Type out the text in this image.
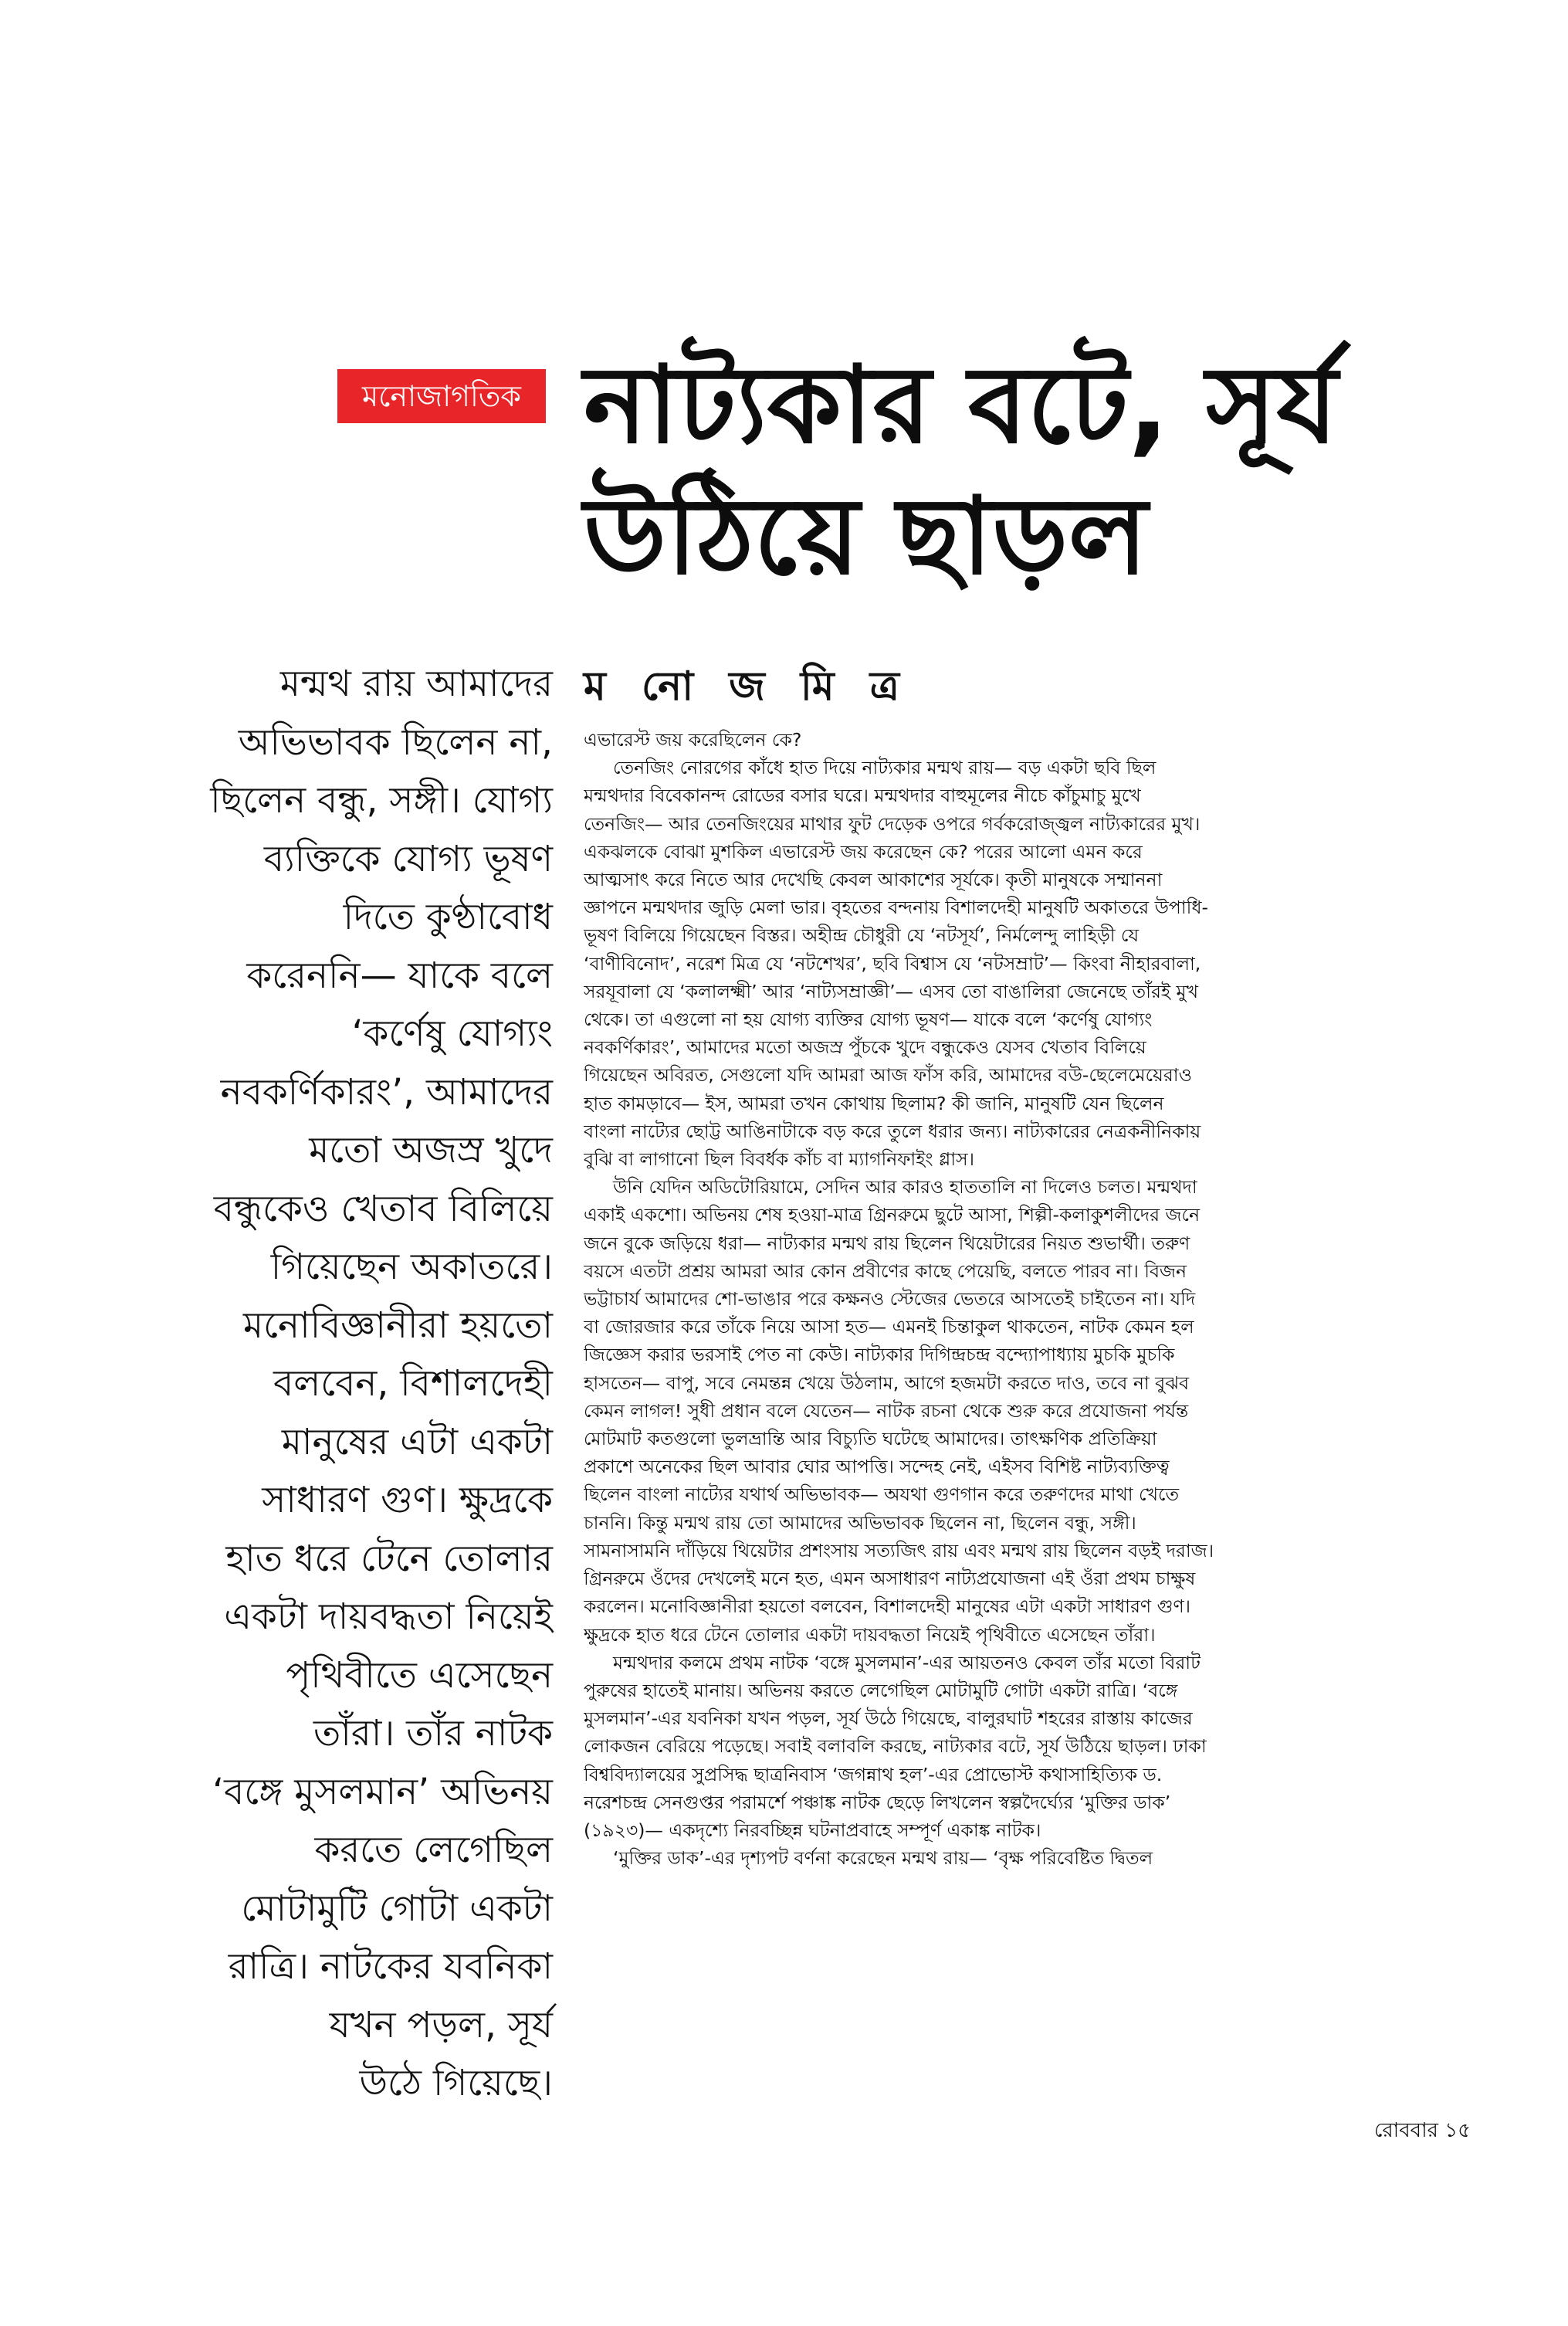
মনোজাগতিক নাট্যকার বটে, সূর্য
উঠিয়ে ছাড়ল
ম নো জ মি ত্র
মন্মথ রায় আমাদের
অভিভাবক ছিলেন না,
ছিলেন বন্ধু, সঙ্গী। যোগ্য
ব্যক্তিকে যোগ্য ভূষণ
দিতে কুণ্ঠাবোধ
করেননি— যাকে বলে
‘কর্ণেষু যোগ্যং
নবকর্ণিকারং’, আমাদের
মতো অজস্র খুদে
বন্ধুকেও খেতাব বিলিয়ে
গিয়েছেন অকাতরে।
মনোবিজ্ঞানীরা হয়তো
বলবেন, বিশালদেহী
মানুষের এটা একটা
সাধারণ গুণ। ক্ষুদ্রকে
হাত ধরে টেনে তোলার
একটা দায়বদ্ধতা নিয়েই
পৃথিবীতে এসেছেন
তাঁরা। তাঁর নাটক
‘বঙ্গে মুসলমান’ অভিনয়
করতে লেগেছিল
মোটামুটি গোটা একটা
রাত্রি। নাটকের যবনিকা
যখন পড়ল, সূর্য
উঠে গিয়েছে।

এভারেস্ট জয় করেছিলেন কে?

তেনজিং নোরগের কাঁধে হাত দিয়ে নাট্যকার মন্মথ রায়— বড় একটা ছবি ছিল
মন্মথদার বিবেকানন্দ রোডের বসার ঘরে। মন্মথদার বাহুমূলের নীচে কাঁচুমাচু মুখে
তেনজিং— আর তেনজিংয়ের মাথার ফুট দেড়েক ওপরে গর্বকরোজ্জ্বল নাট্যকারের মুখ।
একঝলকে বোঝা মুশকিল এভারেস্ট জয় করেছেন কে? পরের আলো এমন করে
আত্মসাৎ করে নিতে আর দেখেছি কেবল আকাশের সূর্যকে। কৃতী মানুষকে সম্মাননা
জ্ঞাপনে মন্মথদার জুড়ি মেলা ভার। বৃহতের বন্দনায় বিশালদেহী মানুষটি অকাতরে উপাধি-
ভূষণ বিলিয়ে গিয়েছেন বিস্তর। অহীন্দ্র চৌধুরী যে ‘নটসূর্য’, নির্মলেন্দু লাহিড়ী যে
‘বাণীবিনোদ’, নরেশ মিত্র যে ‘নটশেখর’, ছবি বিশ্বাস যে ‘নটসম্রাট’— কিংবা নীহারবালা,
সরযূবালা যে ‘কলালক্ষ্মী’ আর ‘নাট্যসম্রাজ্ঞী’— এসব তো বাঙালিরা জেনেছে তাঁরই মুখ
থেকে। তা এগুলো না হয় যোগ্য ব্যক্তির যোগ্য ভূষণ— যাকে বলে ‘কর্ণেষু যোগ্যং
নবকর্ণিকারং’, আমাদের মতো অজস্র পুঁচকে খুদে বন্ধুকেও যেসব খেতাব বিলিয়ে
গিয়েছেন অবিরত, সেগুলো যদি আমরা আজ ফাঁস করি, আমাদের বউ-ছেলেমেয়েরাও
হাত কামড়াবে— ইস, আমরা তখন কোথায় ছিলাম? কী জানি, মানুষটি যেন ছিলেন
বাংলা নাট্যের ছোট্ট আঙিনাটাকে বড় করে তুলে ধরার জন্য। নাট্যকারের নেত্রকনীনিকায়
বুঝি বা লাগানো ছিল বিবর্ধক কাঁচ বা ম্যাগনিফাইং গ্লাস।

উনি যেদিন অডিটোরিয়ামে, সেদিন আর কারও হাততালি না দিলেও চলত। মন্মথদা
একাই একশো। অভিনয় শেষ হওয়া-মাত্র গ্রিনরুমে ছুটে আসা, শিল্পী-কলাকুশলীদের জনে
জনে বুকে জড়িয়ে ধরা— নাট্যকার মন্মথ রায় ছিলেন থিয়েটারের নিয়ত শুভার্থী। তরুণ
বয়সে এতটা প্রশ্রয় আমরা আর কোন প্রবীণের কাছে পেয়েছি, বলতে পারব না। বিজন
ভট্টাচার্য আমাদের শো-ভাঙার পরে কক্ষনও স্টেজের ভেতরে আসতেই চাইতেন না। যদি
বা জোরজার করে তাঁকে নিয়ে আসা হত— এমনই চিন্তাকুল থাকতেন, নাটক কেমন হল
জিজ্ঞেস করার ভরসাই পেত না কেউ। নাট্যকার দিগিন্দ্রচন্দ্র বন্দ্যোপাধ্যায় মুচকি মুচকি
হাসতেন— বাপু, সবে নেমন্তন্ন খেয়ে উঠলাম, আগে হজমটা করতে দাও, তবে না বুঝব
কেমন লাগল! সুধী প্রধান বলে যেতেন— নাটক রচনা থেকে শুরু করে প্রযোজনা পর্যন্ত
মোটমাট কতগুলো ভুলভ্রান্তি আর বিচ্যুতি ঘটেছে আমাদের। তাৎক্ষণিক প্রতিক্রিয়া
প্রকাশে অনেকের ছিল আবার ঘোর আপত্তি। সন্দেহ নেই, এইসব বিশিষ্ট নাট্যব্যক্তিত্ব
ছিলেন বাংলা নাট্যের যথার্থ অভিভাবক— অযথা গুণগান করে তরুণদের মাথা খেতে
চাননি। কিন্তু মন্মথ রায় তো আমাদের অভিভাবক ছিলেন না, ছিলেন বন্ধু, সঙ্গী।
সামনাসামনি দাঁড়িয়ে থিয়েটার প্রশংসায় সত্যজিৎ রায় এবং মন্মথ রায় ছিলেন বড়ই দরাজ।
গ্রিনরুমে ওঁদের দেখলেই মনে হত, এমন অসাধারণ নাট্যপ্রযোজনা এই ওঁরা প্রথম চাক্ষুষ
করলেন। মনোবিজ্ঞানীরা হয়তো বলবেন, বিশালদেহী মানুষের এটা একটা সাধারণ গুণ।
ক্ষুদ্রকে হাত ধরে টেনে তোলার একটা দায়বদ্ধতা নিয়েই পৃথিবীতে এসেছেন তাঁরা।

মন্মথদার কলমে প্রথম নাটক ‘বঙ্গে মুসলমান’-এর আয়তনও কেবল তাঁর মতো বিরাট
পুরুষের হাতেই মানায়। অভিনয় করতে লেগেছিল মোটামুটি গোটা একটা রাত্রি। ‘বঙ্গে
মুসলমান’-এর যবনিকা যখন পড়ল, সূর্য উঠে গিয়েছে, বালুরঘাট শহরের রাস্তায় কাজের
লোকজন বেরিয়ে পড়েছে। সবাই বলাবলি করছে, নাট্যকার বটে, সূর্য উঠিয়ে ছাড়ল। ঢাকা
বিশ্ববিদ্যালয়ের সুপ্রসিদ্ধ ছাত্রনিবাস ‘জগন্নাথ হল’-এর প্রোভোস্ট কথাসাহিত্যিক ড.
নরেশচন্দ্র সেনগুপ্তর পরামর্শে পঞ্চাঙ্ক নাটক ছেড়ে লিখলেন স্বল্পদৈর্ঘ্যের ‘মুক্তির ডাক’
(১৯২৩)— একদৃশ্যে নিরবচ্ছিন্ন ঘটনাপ্রবাহে সম্পূর্ণ একাঙ্ক নাটক।

‘মুক্তির ডাক’-এর দৃশ্যপট বর্ণনা করেছেন মন্মথ রায়— ‘বৃক্ষ পরিবেষ্টিত দ্বিতল

রোববার ১৫
